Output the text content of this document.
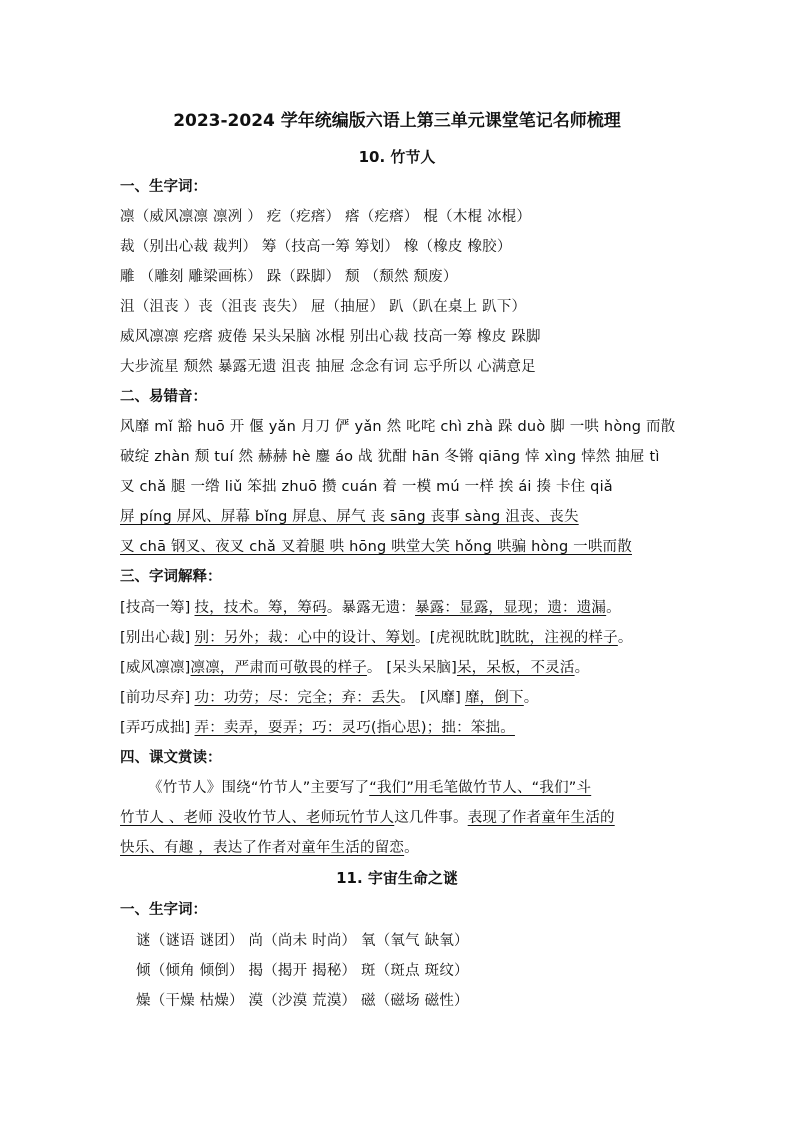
2023-2024 学年统编版六语上第三单元课堂笔记名师梳理
10. 竹节人
一、生字词：
凛（威风凛凛 凛冽 ） 疙（疙瘩） 瘩（疙瘩） 棍（木棍 冰棍）
裁（别出心裁 裁判） 筹（技高一筹 筹划） 橡（橡皮 橡胶）
雕 （雕刻 雕梁画栋） 跺（跺脚） 颓 （颓然 颓废）
沮（沮丧 ）丧（沮丧 丧失） 屉（抽屉） 趴（趴在桌上 趴下）
威风凛凛 疙瘩 疲倦 呆头呆脑 冰棍 别出心裁 技高一筹 橡皮 跺脚
大步流星 颓然 暴露无遗 沮丧 抽屉 念念有词 忘乎所以 心满意足
二、易错音：
风靡 mǐ 豁 huō 开 偃 yǎn 月刀 俨 yǎn 然 叱咤 chì zhà 跺 duò 脚 一哄 hòng 而散
破绽 zhàn 颓 tuí 然 赫赫 hè 鏖 áo 战 犹酣 hān 冬锵 qiāng 悻 xìng 悻然 抽屉 tì
叉 chǎ 腿 一绺 liǔ 笨拙 zhuō 攒 cuán 着 一模 mú 一样 挨 ái 揍 卡住 qiǎ
屏 píng 屏风、屏幕 bǐng 屏息、屏气 丧 sāng 丧事 sàng 沮丧、丧失
叉 chā 钢叉、夜叉 chǎ 叉着腿 哄 hōng 哄堂大笑 hǒng 哄骗 hòng 一哄而散
三、字词解释：
[技高一筹] 技，技术。筹，筹码。暴露无遗：暴露：显露，显现；遗：遗漏。
[别出心裁] 别：另外；裁：心中的设计、筹划。[虎视眈眈]眈眈，注视的样子。
[威风凛凛]凛凛，严肃而可敬畏的样子。 [呆头呆脑]呆，呆板，不灵活。
[前功尽弃] 功：功劳；尽：完全；弃：丢失。 [风靡] 靡，倒下。
[弄巧成拙] 弄：卖弄，耍弄；巧：灵巧(指心思)；拙：笨拙。
四、课文赏读：
《竹节人》围绕“竹节人”主要写了“我们”用毛笔做竹节人、“我们”斗
竹节人 、老师 没收竹节人、老师玩竹节人这几件事。表现了作者童年生活的
快乐、有趣 ，表达了作者对童年生活的留恋。
11. 宇宙生命之谜
一、生字词：
谜（谜语 谜团） 尚（尚未 时尚） 氧（氧气 缺氧）
倾（倾角 倾倒） 揭（揭开 揭秘） 斑（斑点 斑纹）
燥（干燥 枯燥） 漠（沙漠 荒漠） 磁（磁场 磁性）
